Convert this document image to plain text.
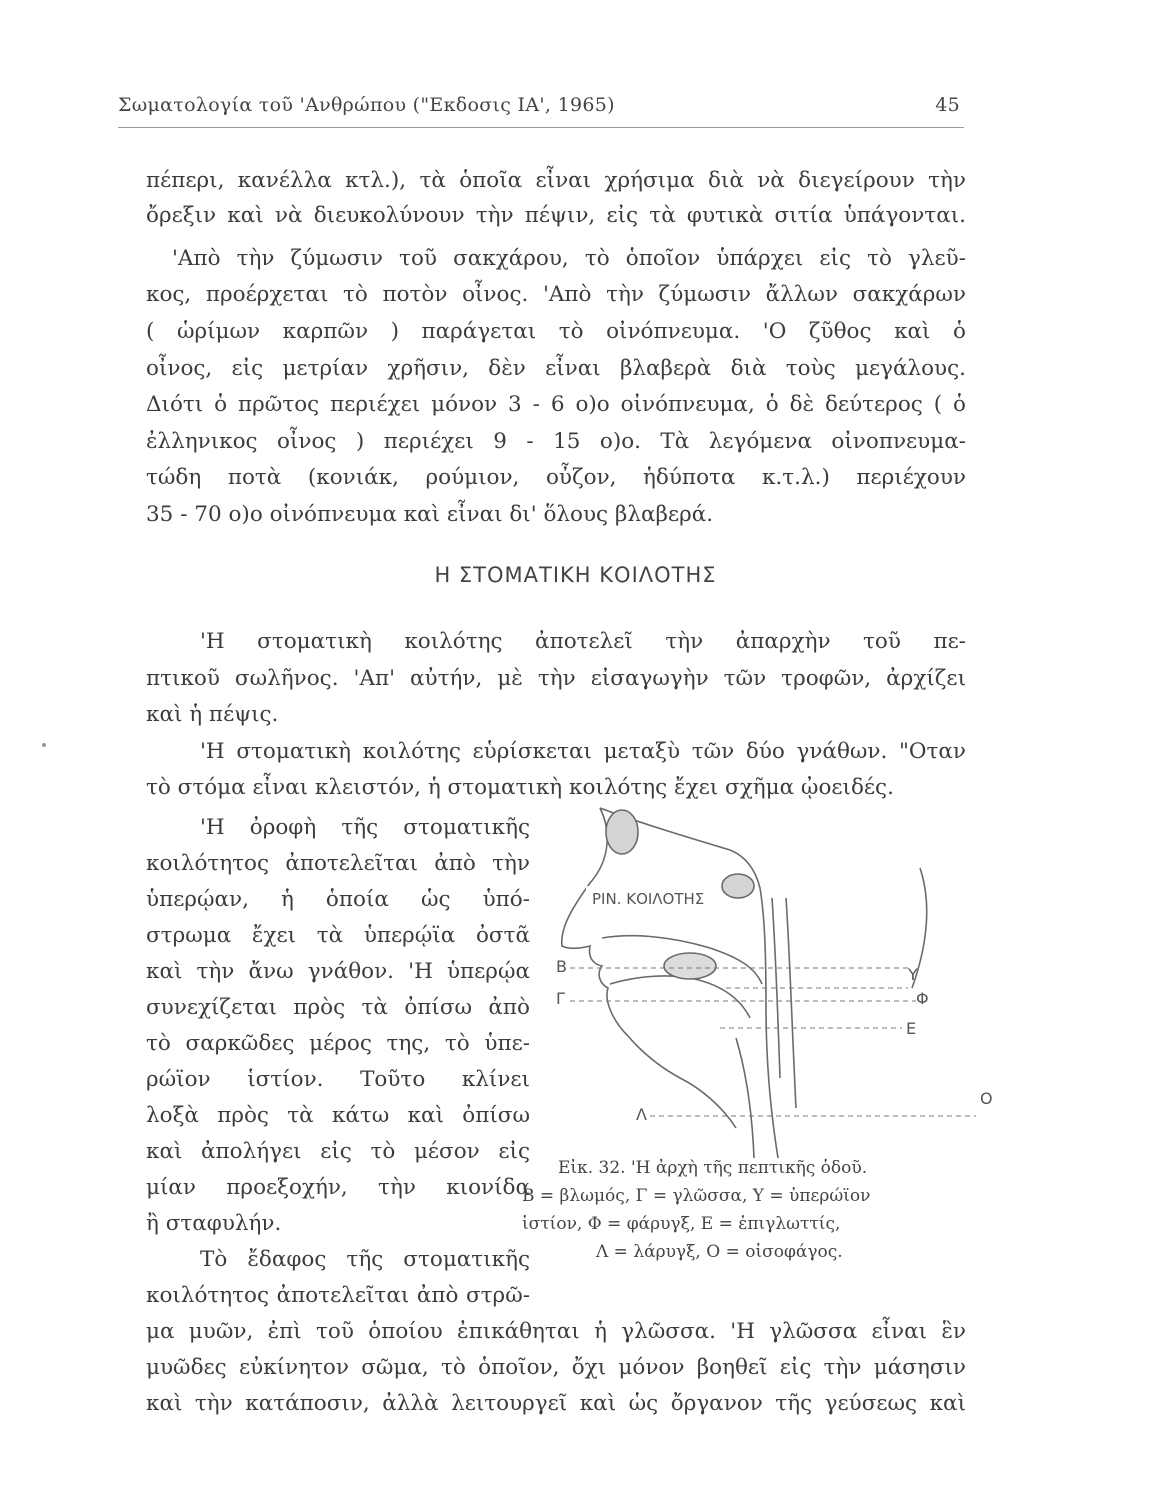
Σωματολογία τοῦ 'Ανθρώπου ("Εκδοσις ΙΑ', 1965)	45
πέπερι, κανέλλα κτλ.), τὰ ὁποῖα εἶναι χρήσιμα διὰ νὰ διεγείρουν τὴν
ὄρεξιν καὶ νὰ διευκολύνουν τὴν πέψιν, εἰς τὰ φυτικὰ σιτία ὑπάγονται.
'Απὸ τὴν ζύμωσιν τοῦ σακχάρου, τὸ ὁποῖον ὑπάρχει εἰς τὸ γλεῦ-
κος, προέρχεται τὸ ποτὸν οἶνος. 'Απὸ τὴν ζύμωσιν ἄλλων σακχάρων
( ὡρίμων καρπῶν ) παράγεται τὸ οἰνόπνευμα. 'Ο ζῦθος καὶ ὁ
οἶνος, εἰς μετρίαν χρῆσιν, δὲν εἶναι βλαβερὰ διὰ τοὺς μεγάλους.
Διότι ὁ πρῶτος περιέχει μόνον 3 - 6 ο)ο οἰνόπνευμα, ὁ δὲ δεύτερος ( ὁ
ἐλληνικος οἶνος ) περιέχει 9 - 15 ο)ο. Τὰ λεγόμενα οἰνοπνευμα-
τώδη ποτὰ (κονιάκ, ρούμιον, οὖζον, ἡδύποτα κ.τ.λ.) περιέχουν
35 - 70 ο)ο οἰνόπνευμα καὶ εἶναι δι' ὅλους βλαβερά.
Η ΣΤΟΜΑΤΙΚΗ ΚΟΙΛΟΤΗΣ
'Η στοματικὴ κοιλότης ἀποτελεῖ τὴν ἀπαρχὴν τοῦ πε-
πτικοῦ σωλῆνος. 'Απ' αὐτήν, μὲ τὴν εἰσαγωγὴν τῶν τροφῶν, ἀρχίζει
καὶ ἡ πέψις.
'Η στοματικὴ κοιλότης εὑρίσκεται μεταξὺ τῶν δύο γνάθων. "Οταν
τὸ στόμα εἶναι κλειστόν, ἡ στοματικὴ κοιλότης ἔχει σχῆμα ᾠοειδές.
'Η ὀροφὴ τῆς στοματικῆς
κοιλότητος ἀποτελεῖται ἀπὸ τὴν
ὑπερῴαν, ἡ ὁποία ὡς ὑπό-
στρωμα ἔχει τὰ ὑπερῴϊα ὀστᾶ
καὶ τὴν ἄνω γνάθον. 'Η ὑπερῴα
συνεχίζεται πρὸς τὰ ὀπίσω ἀπὸ
τὸ σαρκῶδες μέρος της, τὸ ὑπε-
ρώϊον ἱστίον. Τοῦτο κλίνει
λοξὰ πρὸς τὰ κάτω καὶ ὀπίσω
καὶ ἀπολήγει εἰς τὸ μέσον εἰς
μίαν προεξοχήν, τὴν κιονίδα
ἢ σταφυλήν.
Τὸ ἔδαφος τῆς στοματικῆς
κοιλότητος ἀποτελεῖται ἀπὸ στρῶ-
ΡΙΝ. ΚΟΙΛΟΤΗΣ
Β
Γ
Υ
Φ
Ε
Λ
Ο
Εἰκ. 32. 'Η ἀρχὴ τῆς πεπτικῆς ὁδοῦ.
Β = βλωμός, Γ = γλῶσσα, Υ = ὑπερώϊον
ἱστίον, Φ = φάρυγξ, Ε = ἐπιγλωττίς,
Λ = λάρυγξ, Ο = οἰσοφάγος.
μα μυῶν, ἐπὶ τοῦ ὁποίου ἐπικάθηται ἡ γλῶσσα. 'Η γλῶσσα εἶναι ἓν
μυῶδες εὐκίνητον σῶμα, τὸ ὁποῖον, ὄχι μόνον βοηθεῖ εἰς τὴν μάσησιν
καὶ τὴν κατάποσιν, ἀλλὰ λειτουργεῖ καὶ ὡς ὄργανον τῆς γεύσεως καὶ
